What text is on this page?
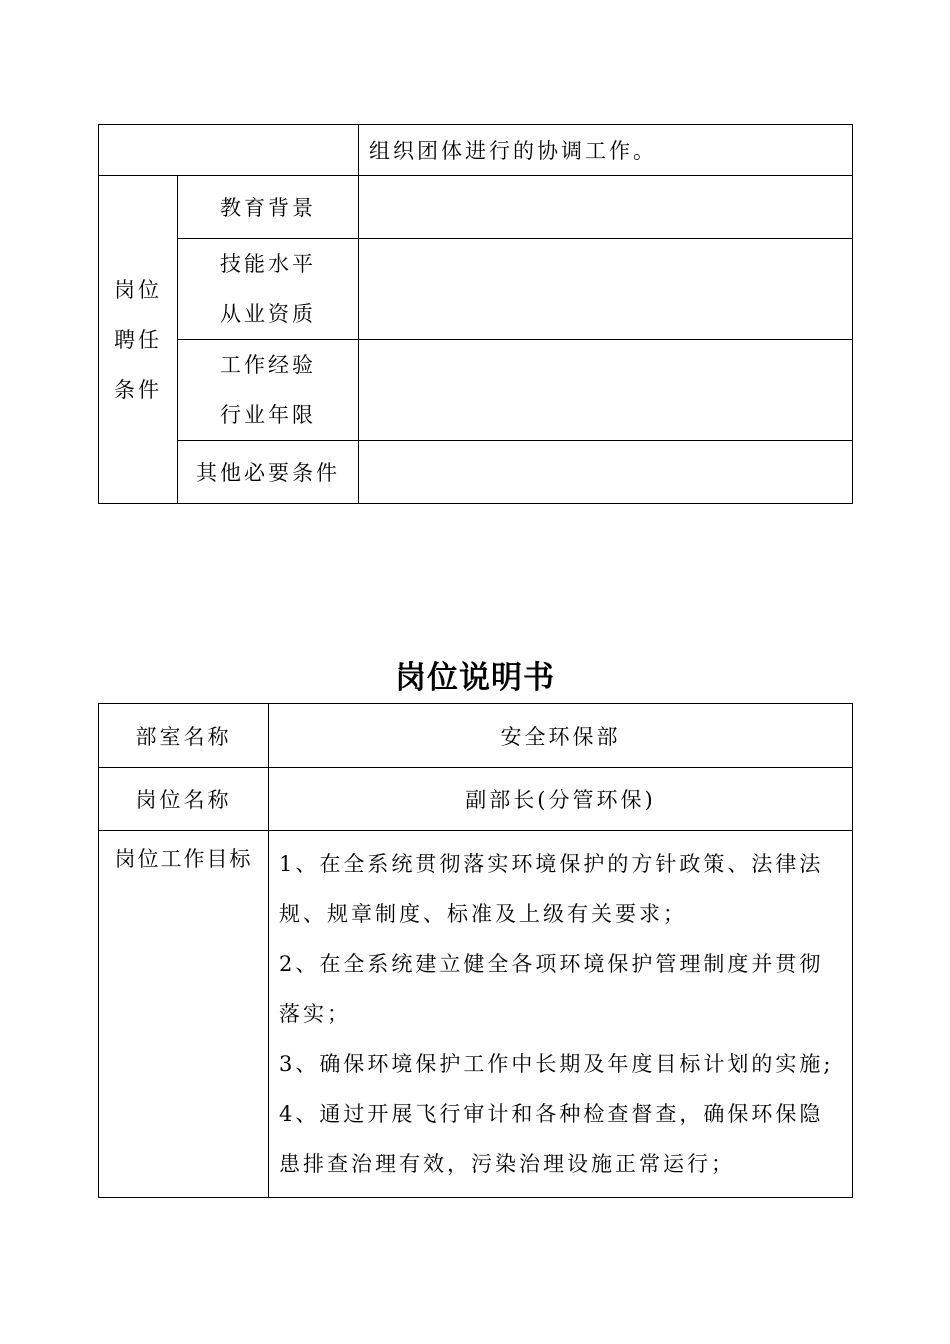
		组织团体进行的协调工作。

岗位
聘任
条件	教育背景	

	技能水平
从业资质	

	工作经验
行业年限	

	其他必要条件	
岗位说明书
部室名称	安全环保部
岗位名称	副部长(分管环保)
岗位工作目标	1、在全系统贯彻落实环境保护的方针政策、法律法规、规章制度、标准及上级有关要求；

2、在全系统建立健全各项环境保护管理制度并贯彻落实；

3、确保环境保护工作中长期及年度目标计划的实施;

4、通过开展飞行审计和各种检查督查，确保环保隐患排查治理有效，污染治理设施正常运行；
